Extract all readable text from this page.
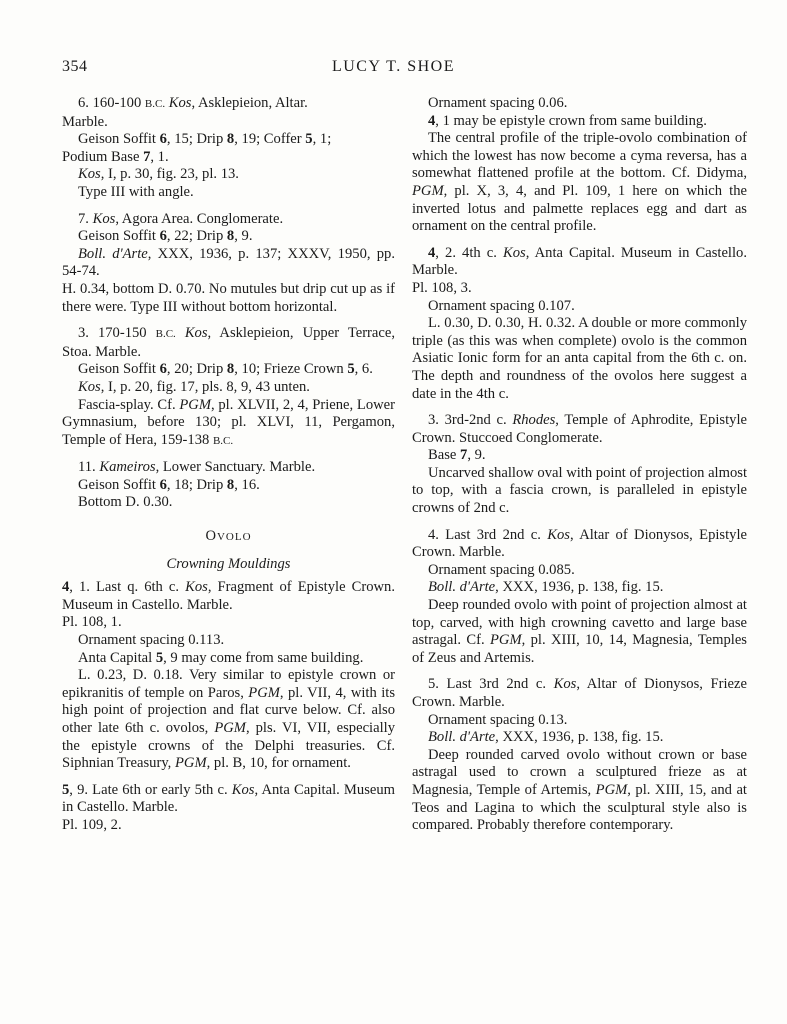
354	LUCY T. SHOE

6. 160-100 B.C. Kos, Asklepieion, Altar.

Marble.

Geison Soffit 6, 15; Drip 8, 19; Coffer 5, 1;

Podium Base 7, 1.

Kos, I, p. 30, fig. 23, pl. 13.

Type III with angle.

7. Kos, Agora Area. Conglomerate.

Geison Soffit 6, 22; Drip 8, 9.

Boll. d'Arte, XXX, 1936, p. 137; XXXV, 1950, pp. 54-74.

H. 0.34, bottom D. 0.70. No mutules but drip cut up as if there were. Type III without bottom horizontal.

3. 170-150 B.C. Kos, Asklepieion, Upper Terrace, Stoa. Marble.

Geison Soffit 6, 20; Drip 8, 10; Frieze Crown 5, 6.

Kos, I, p. 20, fig. 17, pls. 8, 9, 43 unten.

Fascia-splay. Cf. PGM, pl. XLVII, 2, 4, Priene, Lower Gymnasium, before 130; pl. XLVI, 11, Pergamon, Temple of Hera, 159-138 B.C.

11. Kameiros, Lower Sanctuary. Marble.

Geison Soffit 6, 18; Drip 8, 16.

Bottom D. 0.30.

OVOLO

Crowning Mouldings

4, 1. Last q. 6th c. Kos, Fragment of Epistyle Crown. Museum in Castello. Marble.

Pl. 108, 1.

Ornament spacing 0.113.

Anta Capital 5, 9 may come from same building.

L. 0.23, D. 0.18. Very similar to epistyle crown or epikranitis of temple on Paros, PGM, pl. VII, 4, with its high point of projection and flat curve below. Cf. also other late 6th c. ovolos, PGM, pls. VI, VII, especially the epistyle crowns of the Delphi treasuries. Cf. Siphnian Treasury, PGM, pl. B, 10, for ornament.

5, 9. Late 6th or early 5th c. Kos, Anta Capital. Museum in Castello. Marble.

Pl. 109, 2.

Ornament spacing 0.06.

4, 1 may be epistyle crown from same building.

The central profile of the triple-ovolo combination of which the lowest has now become a cyma reversa, has a somewhat flattened profile at the bottom. Cf. Didyma, PGM, pl. X, 3, 4, and Pl. 109, 1 here on which the inverted lotus and palmette replaces egg and dart as ornament on the central profile.

4, 2. 4th c. Kos, Anta Capital. Museum in Castello. Marble.

Pl. 108, 3.

Ornament spacing 0.107.

L. 0.30, D. 0.30, H. 0.32. A double or more commonly triple (as this was when complete) ovolo is the common Asiatic Ionic form for an anta capital from the 6th c. on. The depth and roundness of the ovolos here suggest a date in the 4th c.

3. 3rd-2nd c. Rhodes, Temple of Aphrodite, Epistyle Crown. Stuccoed Conglomerate.

Base 7, 9.

Uncarved shallow oval with point of projection almost to top, with a fascia crown, is paralleled in epistyle crowns of 2nd c.

4. Last 3rd 2nd c. Kos, Altar of Dionysos, Epistyle Crown. Marble.

Ornament spacing 0.085.

Boll. d'Arte, XXX, 1936, p. 138, fig. 15.

Deep rounded ovolo with point of projection almost at top, carved, with high crowning cavetto and large base astragal. Cf. PGM, pl. XIII, 10, 14, Magnesia, Temples of Zeus and Artemis.

5. Last 3rd 2nd c. Kos, Altar of Dionysos, Frieze Crown. Marble.

Ornament spacing 0.13.

Boll. d'Arte, XXX, 1936, p. 138, fig. 15.

Deep rounded carved ovolo without crown or base astragal used to crown a sculptured frieze as at Magnesia, Temple of Artemis, PGM, pl. XIII, 15, and at Teos and Lagina to which the sculptural style also is compared. Probably therefore contemporary.
